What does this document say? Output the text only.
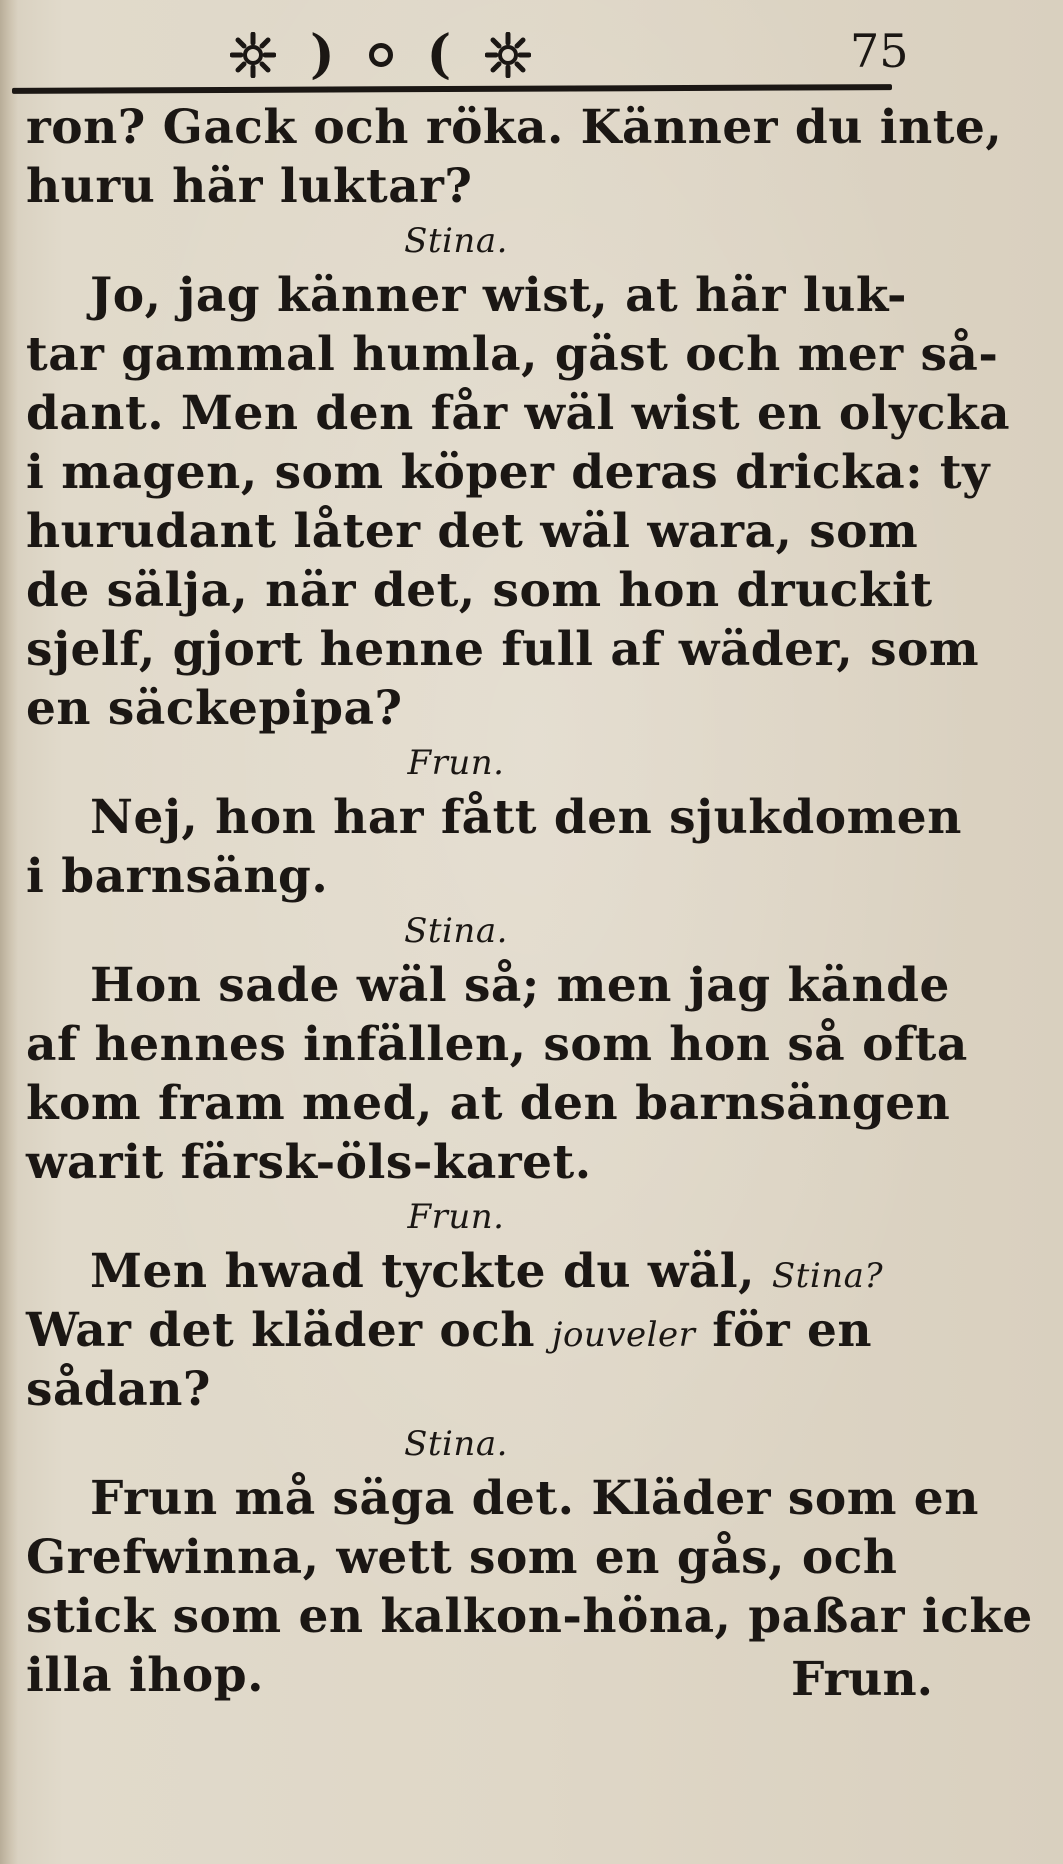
) (	75
ron? Gack och röka. Känner du inte,
huru här luktar?
Stina.
Jo, jag känner wist, at här luk-
tar gammal humla, gäst och mer så-
dant. Men den får wäl wist en olycka
i magen, som köper deras dricka: ty
hurudant låter det wäl wara, som
de sälja, när det, som hon druckit
sjelf, gjort henne full af wäder, som
en säckepipa?
Frun.
Nej, hon har fått den sjukdomen
i barnsäng.
Stina.
Hon sade wäl så; men jag kände
af hennes infällen, som hon så ofta
kom fram med, at den barnsängen
warit färsk-öls-karet.
Frun.
Men hwad tyckte du wäl, Stina?
War det kläder och jouveler för en
sådan?
Stina.
Frun må säga det. Kläder som en
Grefwinna, wett som en gås, och
stick som en kalkon-höna, paßar icke
illa ihop.	Frun.
